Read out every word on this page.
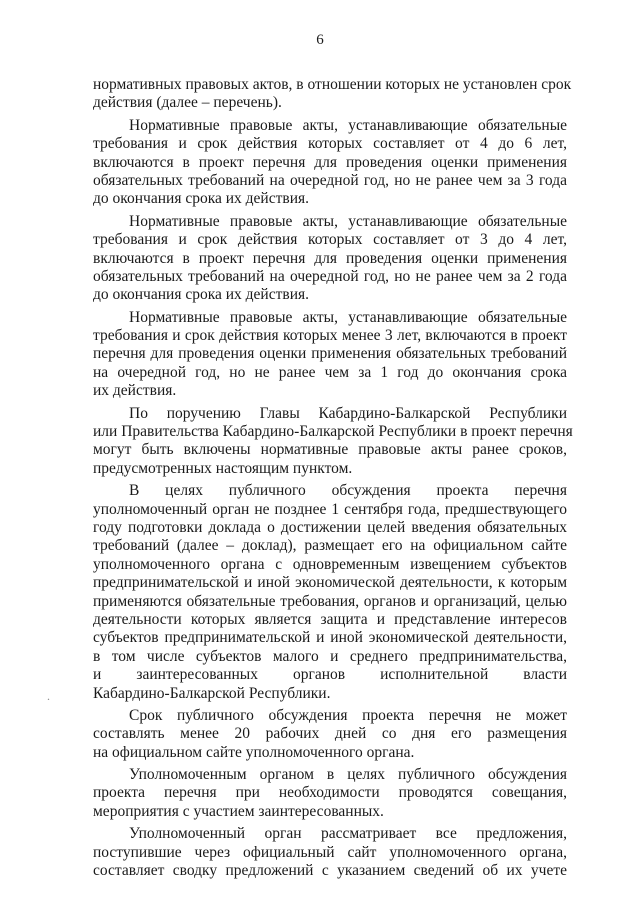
6
.
нормативных правовых актов, в отношении которых не установлен срок
действия (далее – перечень).
Нормативные правовые акты, устанавливающие обязательные
требования и срок действия которых составляет от 4 до 6 лет,
включаются в проект перечня для проведения оценки применения
обязательных требований на очередной год, но не ранее чем за 3 года
до окончания срока их действия.
Нормативные правовые акты, устанавливающие обязательные
требования и срок действия которых составляет от 3 до 4 лет,
включаются в проект перечня для проведения оценки применения
обязательных требований на очередной год, но не ранее чем за 2 года
до окончания срока их действия.
Нормативные правовые акты, устанавливающие обязательные
требования и срок действия которых менее 3 лет, включаются в проект
перечня для проведения оценки применения обязательных требований
на очередной год, но не ранее чем за 1 год до окончания срока
их действия.
По поручению Главы Кабардино-Балкарской Республики
или Правительства Кабардино-Балкарской Республики в проект перечня
могут быть включены нормативные правовые акты ранее сроков,
предусмотренных настоящим пунктом.
В целях публичного обсуждения проекта перечня
уполномоченный орган не позднее 1 сентября года, предшествующего
году подготовки доклада о достижении целей введения обязательных
требований (далее – доклад), размещает его на официальном сайте
уполномоченного органа с одновременным извещением субъектов
предпринимательской и иной экономической деятельности, к которым
применяются обязательные требования, органов и организаций, целью
деятельности которых является защита и представление интересов
субъектов предпринимательской и иной экономической деятельности,
в том числе субъектов малого и среднего предпринимательства,
и заинтересованных органов исполнительной власти
Кабардино-Балкарской Республики.
Срок публичного обсуждения проекта перечня не может
составлять менее 20 рабочих дней со дня его размещения
на официальном сайте уполномоченного органа.
Уполномоченным органом в целях публичного обсуждения
проекта перечня при необходимости проводятся совещания,
мероприятия с участием заинтересованных.
Уполномоченный орган рассматривает все предложения,
поступившие через официальный сайт уполномоченного органа,
составляет сводку предложений с указанием сведений об их учете
